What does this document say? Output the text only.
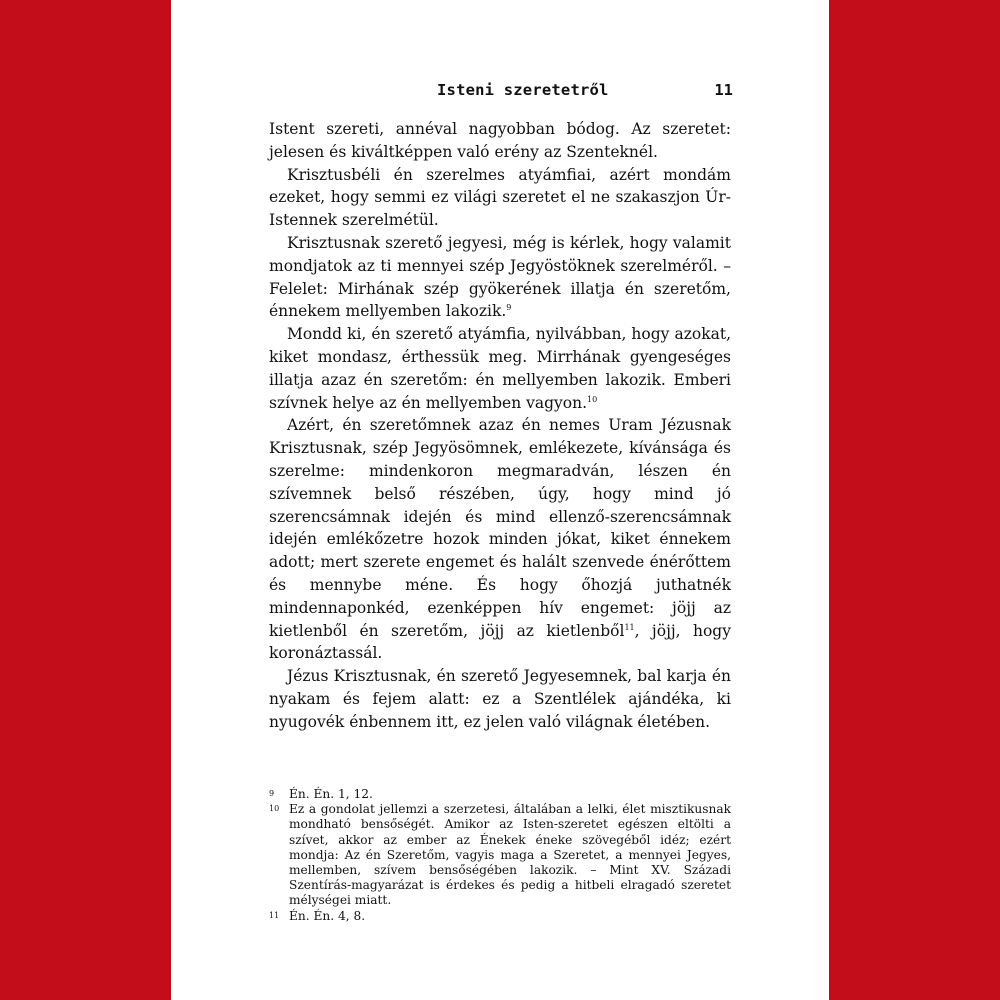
Isteni szeretetről	11

Istent szereti, annéval nagyobban bódog. Az szeretet: jelesen és kiváltképpen való erény az Szenteknél.

Krisztusbéli én szerelmes atyámfiai, azért mondám ezeket, hogy semmi ez világi szeretet el ne szakaszjon Úr-Istennek szerelmétül.

Krisztusnak szerető jegyesi, még is kérlek, hogy valamit mondjatok az ti mennyei szép Jegyöstöknek szerelméről. – Felelet: Mirhának szép gyökerének illatja én szeretőm, énnekem mellyemben lakozik.$^9$

Mondd ki, én szerető atyámfia, nyilvábban, hogy azokat, kiket mondasz, érthessük meg. Mirrhának gyengeséges illatja azaz én szeretőm: én mellyemben lakozik. Emberi szívnek helye az én mellyemben vagyon.$^{10}$

Azért, én szeretőmnek azaz én nemes Uram Jézusnak Krisztusnak, szép Jegyösömnek, emlékezete, kívánsága és szerelme: mindenkoron megmaradván, lészen én szívemnek belső részében, úgy, hogy mind jó szerencsámnak idején és mind ellenző-szerencsámnak idején emlékőzetre hozok minden jókat, kiket énnekem adott; mert szerete engemet és halált szenvede énérőttem és mennybe méne. És hogy őhozjá juthatnék mindennaponkéd, ezenképpen hív engemet: jöjj az kietlenből én szeretőm, jöjj az kietlenből$^{11}$, jöjj, hogy koronáztassál.

Jézus Krisztusnak, én szerető Jegyesemnek, bal karja én nyakam és fejem alatt: ez a Szentlélek ajándéka, ki nyugovék énbennem itt, ez jelen való világnak életében.

9 Én. Én. 1, 12.
10 Ez a gondolat jellemzi a szerzetesi, általában a lelki, élet misztikusnak mondható bensőségét. Amikor az Isten-szeretet egészen eltölti a szívet, akkor az ember az Énekek éneke szövegéből idéz; ezért mondja: Az én Szeretőm, vagyis maga a Szeretet, a mennyei Jegyes, mellemben, szívem bensőségében lakozik. – Mint XV. Századi Szentírás-magyarázat is érdekes és pedig a hitbeli elragadó szeretet mélységei miatt.
11 Én. Én. 4, 8.
